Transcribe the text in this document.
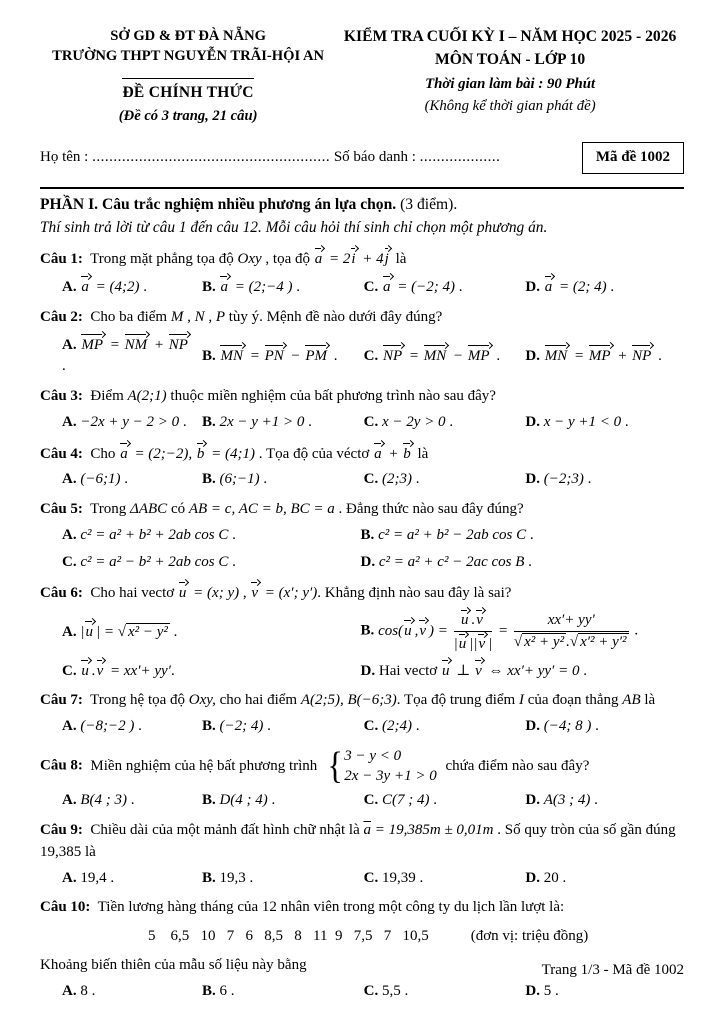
SỞ GD & ĐT ĐÀ NẴNG
TRƯỜNG THPT NGUYỄN TRÃI-HỘI AN
ĐỀ CHÍNH THỨC
(Đề có 3 trang, 21 câu)
KIỂM TRA CUỐI KỲ I – NĂM HỌC 2025 - 2026
MÔN TOÁN - LỚP 10
Thời gian làm bài : 90 Phút
(Không kể thời gian phát đề)
Họ tên : ........................................................ Số báo danh : ...................	Mã đề 1002
PHẦN I. Câu trắc nghiệm nhiều phương án lựa chọn. (3 điểm).
Thí sinh trả lời từ câu 1 đến câu 12. Mỗi câu hỏi thí sinh chỉ chọn một phương án.
Câu 1: Trong mặt phẳng tọa độ Oxy , tọa độ a = 2i + 4j là
A. a = (4;2) .	B. a = (2;−4 ) .	C. a = (−2; 4) .	D. a = (2; 4) .
Câu 2: Cho ba điểm M , N , P tùy ý. Mệnh đề nào dưới đây đúng?
A. MP = NM + NP .
B. MN = PN − PM .	C. NP = MN − MP .	D. MN = MP + NP .
Câu 3: Điểm A(2;1) thuộc miền nghiệm của bất phương trình nào sau đây?
A. −2x + y − 2 > 0 .	B. 2x − y +1 > 0 .	C. x − 2y > 0 .	D. x − y +1 < 0 .
Câu 4: Cho a = (2;−2), b = (4;1) . Tọa độ của véctơ a + b là
A. (−6;1) .	B. (6;−1) .	C. (2;3) .	D. (−2;3) .
Câu 5: Trong ΔABC có AB = c, AC = b, BC = a . Đẳng thức nào sau đây đúng?
A. c² = a² + b² + 2ab cos C .	B. c² = a² + b² − 2ab cos C .
C. c² = a² − b² + 2ab cos C .	D. c² = a² + c² − 2ac cos B .
Câu 6: Cho hai vectơ u = (x; y) , v = (x′; y′). Khẳng định nào sau đây là sai?
A. |u | = √ x² − y² .	B. cos(u ,v ) = $\frac{u .v}{|u ||v |} = \frac{xx'+ yy'}{\text{√ x² + y² .√ x′² + y′²}}$ .
C. u .v = xx′+ yy′.	D. Hai vectơ u ⊥ v ⇔ xx′+ yy′ = 0 .
Câu 7: Trong hệ tọa độ Oxy, cho hai điểm A(2;5), B(−6;3). Tọa độ trung điểm I của đoạn thẳng AB là
A. (−8;−2 ) .	B. (−2; 4) .	C. (2;4) .	D. (−4; 8 ) .
Câu 8: Miền nghiệm của hệ bất phương trình { 3 − y < 0
2x − 3y +1 > 0
chứa điểm nào sau đây?
A. B(4 ; 3) .	B. D(4 ; 4) .	C. C(7 ; 4) .	D. A(3 ; 4) .
Câu 9: Chiều dài của một mảnh đất hình chữ nhật là $\overline{a} = 19,385m \pm 0,01m$ . Số quy tròn của số gần đúng 19,385 là
A. 19,4 .	B. 19,3 .	C. 19,39 .	D. 20 .
Câu 10: Tiền lương hàng tháng của 12 nhân viên trong một công ty du lịch lần lượt là:
5    6,5   10   7   6   8,5   8   11  9   7,5   7   10,5	(đơn vị: triệu đồng)
Khoảng biến thiên của mẫu số liệu này bằng
A. 8 .	B. 6 .	C. 5,5 .	D. 5 .
Trang 1/3 - Mã đề 1002
